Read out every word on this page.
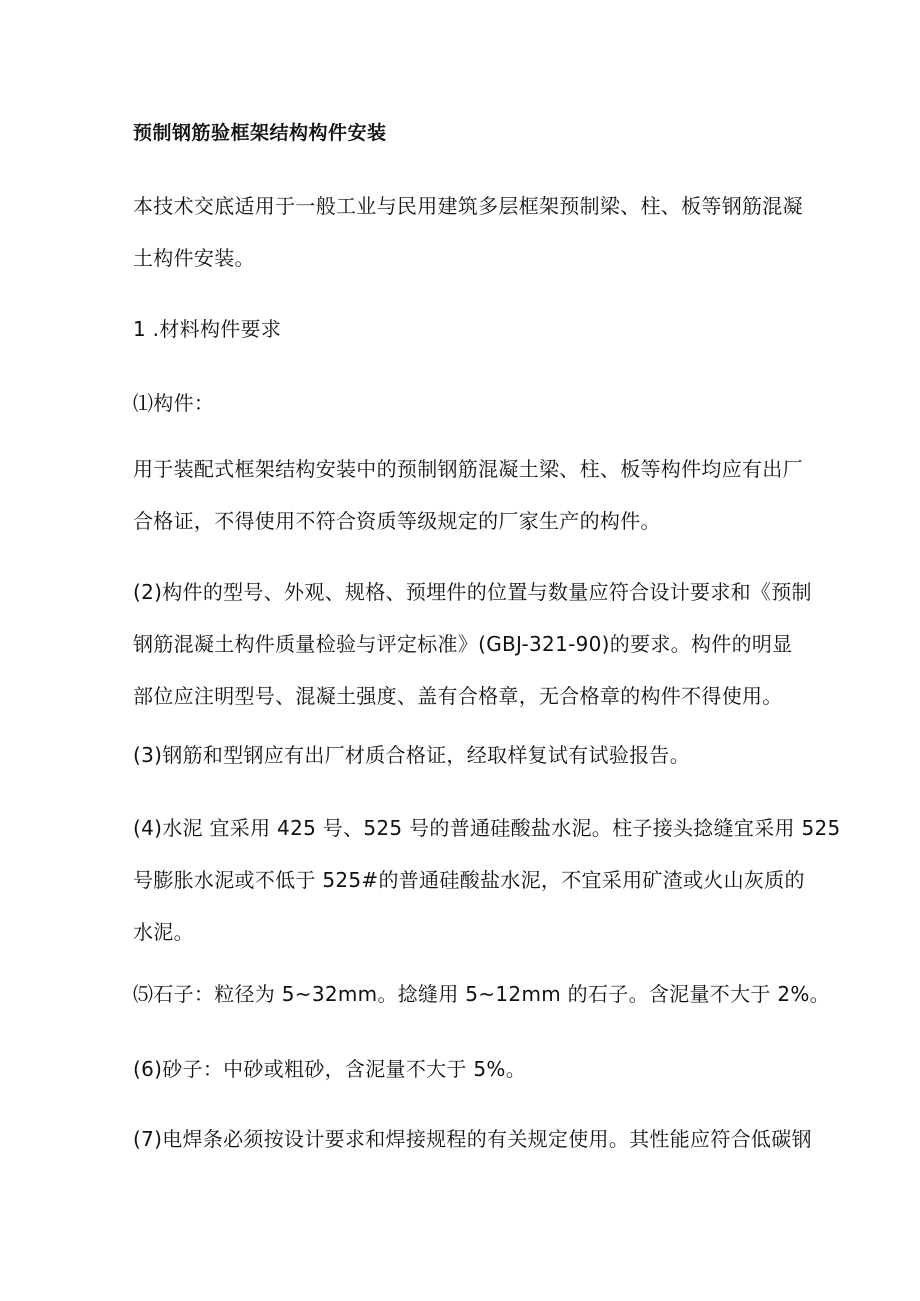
预制钢筋验框架结构构件安装

本技术交底适用于一般工业与民用建筑多层框架预制梁、柱、板等钢筋混凝
土构件安装。

1 .材料构件要求

⑴构件：

用于装配式框架结构安装中的预制钢筋混凝土梁、柱、板等构件均应有出厂
合格证，不得使用不符合资质等级规定的厂家生产的构件。

(2)构件的型号、外观、规格、预埋件的位置与数量应符合设计要求和《预制
钢筋混凝土构件质量检验与评定标准》(GBJ-321-90)的要求。构件的明显
部位应注明型号、混凝土强度、盖有合格章，无合格章的构件不得使用。

(3)钢筋和型钢应有出厂材质合格证，经取样复试有试验报告。

(4)水泥 宜采用 425 号、525 号的普通硅酸盐水泥。柱子接头捻缝宜采用 525
号膨胀水泥或不低于 525#的普通硅酸盐水泥，不宜采用矿渣或火山灰质的
水泥。

⑸石子：粒径为 5~32mm。捻缝用 5~12mm 的石子。含泥量不大于 2%。

(6)砂子：中砂或粗砂，含泥量不大于 5%。

(7)电焊条必须按设计要求和焊接规程的有关规定使用。其性能应符合低碳钢
